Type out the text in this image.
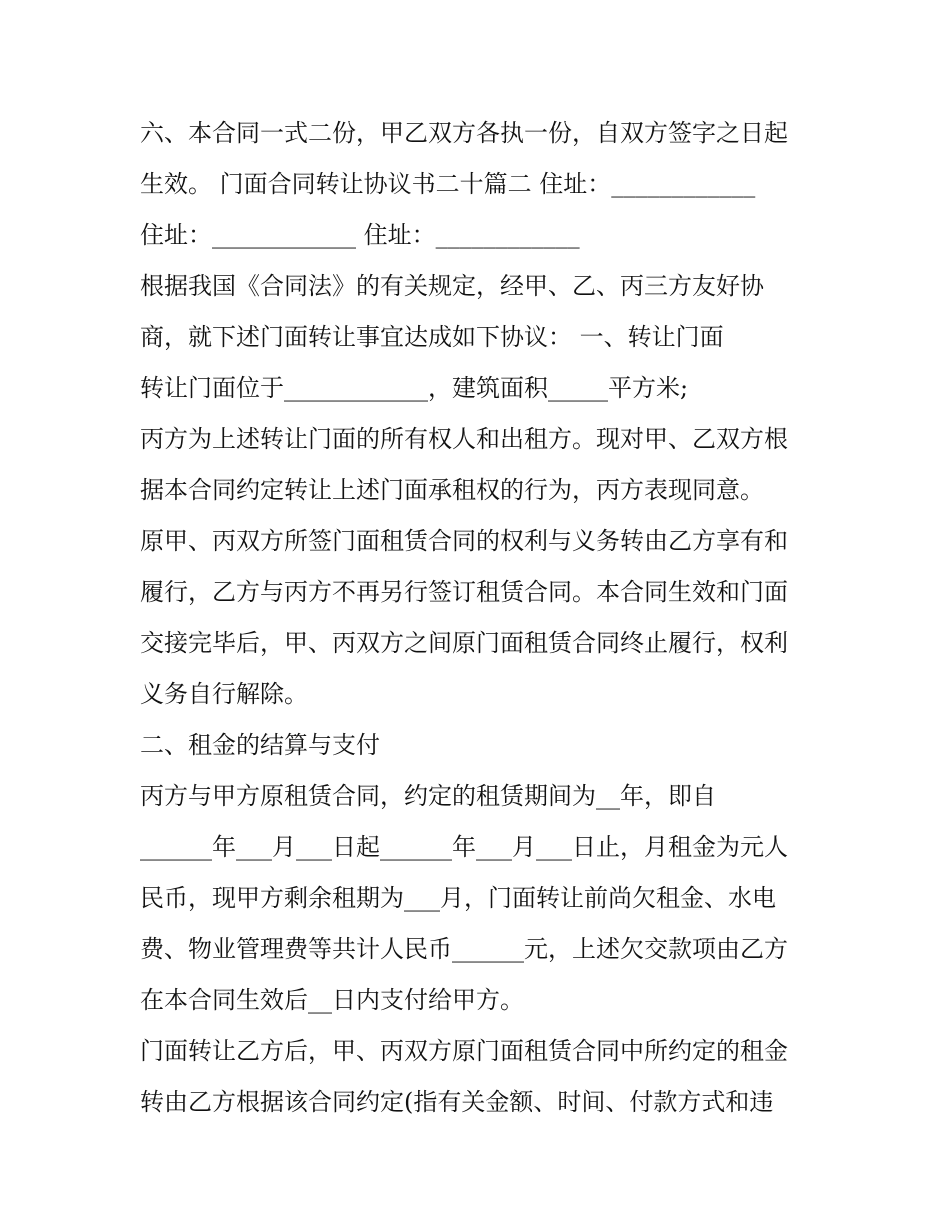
六、本合同一式二份，甲乙双方各执一份，自双方签字之日起
生效。 门面合同转让协议书二十篇二 住址：____________
住址：____________ 住址：____________
根据我国《合同法》的有关规定，经甲、乙、丙三方友好协
商，就下述门面转让事宜达成如下协议： 一、转让门面
转让门面位于____________，建筑面积_____平方米;
丙方为上述转让门面的所有权人和出租方。现对甲、乙双方根
据本合同约定转让上述门面承租权的行为，丙方表现同意。
原甲、丙双方所签门面租赁合同的权利与义务转由乙方享有和
履行，乙方与丙方不再另行签订租赁合同。本合同生效和门面
交接完毕后，甲、丙双方之间原门面租赁合同终止履行，权利
义务自行解除。
二、租金的结算与支付
丙方与甲方原租赁合同，约定的租赁期间为__年，即自
______年___月___日起______年___月___日止，月租金为元人
民币，现甲方剩余租期为___月，门面转让前尚欠租金、水电
费、物业管理费等共计人民币______元，上述欠交款项由乙方
在本合同生效后__日内支付给甲方。
门面转让乙方后，甲、丙双方原门面租赁合同中所约定的租金
转由乙方根据该合同约定(指有关金额、时间、付款方式和违
